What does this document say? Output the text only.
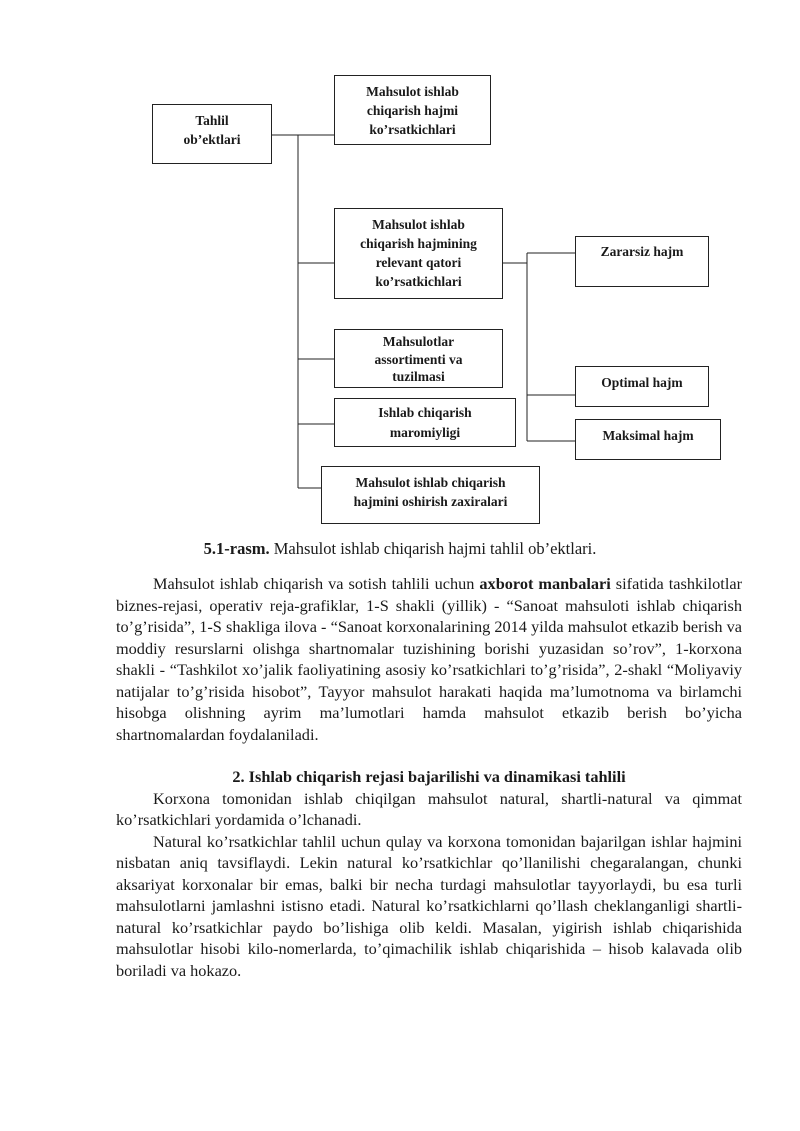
Tahlil
ob’ektlari
Mahsulot ishlab
chiqarish hajmi
ko’rsatkichlari
Mahsulot ishlab
chiqarish hajmining
relevant qatori
ko’rsatkichlari
Mahsulotlar
assortimenti va
tuzilmasi
Ishlab chiqarish
maromiyligi
Mahsulot ishlab chiqarish
hajmini oshirish zaxiralari
Zararsiz hajm
Optimal hajm
Maksimal hajm
5.1-rasm. Mahsulot ishlab chiqarish hajmi tahlil ob’ektlari.

Mahsulot ishlab chiqarish va sotish tahlili uchun axborot manbalari sifatida tashkilotlar biznes-rejasi, operativ reja-grafiklar, 1-S shakli (yillik) - “Sanoat mahsuloti ishlab chiqarish to’g’risida”, 1-S shakliga ilova - “Sanoat korxonalarining 2014 yilda mahsulot etkazib berish va moddiy resurslarni olishga shartnomalar tuzishining borishi yuzasidan so’rov”, 1-korxona shakli - “Tashkilot xo’jalik faoliyatining asosiy ko’rsatkichlari to’g’risida”, 2-shakl “Moliyaviy natijalar to’g’risida hisobot”, Tayyor mahsulot harakati haqida ma’lumotnoma va birlamchi hisobga olishning ayrim ma’lumotlari hamda mahsulot etkazib berish bo’yicha shartnomalardan foydalaniladi.

2. Ishlab chiqarish rejasi bajarilishi va dinamikasi tahlili

Korxona tomonidan ishlab chiqilgan mahsulot natural, shartli-natural va qimmat ko’rsatkichlari yordamida o’lchanadi.

Natural ko’rsatkichlar tahlil uchun qulay va korxona tomonidan bajarilgan ishlar hajmini nisbatan aniq tavsiflaydi. Lekin natural ko’rsatkichlar qo’llanilishi chegaralangan, chunki aksariyat korxonalar bir emas, balki bir necha turdagi mahsulotlar tayyorlaydi, bu esa turli mahsulotlarni jamlashni istisno etadi. Natural ko’rsatkichlarni qo’llash cheklanganligi shartli-natural ko’rsatkichlar paydo bo’lishiga olib keldi. Masalan, yigirish ishlab chiqarishida mahsulotlar hisobi kilo-nomerlarda, to’qimachilik ishlab chiqarishida – hisob kalavada olib boriladi va hokazo.
